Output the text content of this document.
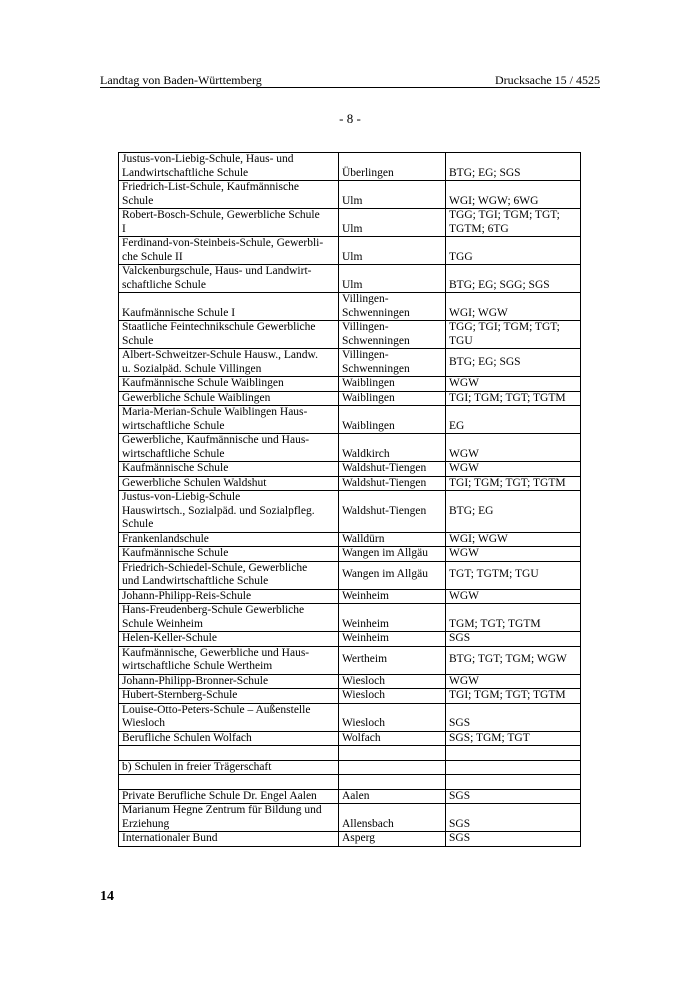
Landtag von Baden-Württemberg	Drucksache 15 / 4525
- 8 -
Justus-von-Liebig-Schule, Haus- und
Landwirtschaftliche Schule	Überlingen	BTG; EG; SGS
Friedrich-List-Schule, Kaufmännische
Schule	Ulm	WGI; WGW; 6WG
Robert-Bosch-Schule, Gewerbliche Schule
I	Ulm	TGG; TGI; TGM; TGT;
TGTM; 6TG
Ferdinand-von-Steinbeis-Schule, Gewerbli-
che Schule II	Ulm	TGG
Valckenburgschule, Haus- und Landwirt-
schaftliche Schule	Ulm	BTG; EG; SGG; SGS
Kaufmännische Schule I	Villingen-
Schwenningen	WGI; WGW
Staatliche Feintechnikschule Gewerbliche
Schule	Villingen-
Schwenningen	TGG; TGI; TGM; TGT;
TGU
Albert-Schweitzer-Schule Hausw., Landw.
u. Sozialpäd. Schule Villingen	Villingen-
Schwenningen	BTG; EG; SGS
Kaufmännische Schule Waiblingen	Waiblingen	WGW
Gewerbliche Schule Waiblingen	Waiblingen	TGI; TGM; TGT; TGTM
Maria-Merian-Schule Waiblingen Haus-
wirtschaftliche Schule	Waiblingen	EG
Gewerbliche, Kaufmännische und Haus-
wirtschaftliche Schule	Waldkirch	WGW
Kaufmännische Schule	Waldshut-Tiengen	WGW
Gewerbliche Schulen Waldshut	Waldshut-Tiengen	TGI; TGM; TGT; TGTM
Justus-von-Liebig-Schule
Hauswirtsch., Sozialpäd. und Sozialpfleg.
Schule	Waldshut-Tiengen	BTG; EG
Frankenlandschule	Walldürn	WGI; WGW
Kaufmännische Schule	Wangen im Allgäu	WGW
Friedrich-Schiedel-Schule, Gewerbliche
und Landwirtschaftliche Schule	Wangen im Allgäu	TGT; TGTM; TGU
Johann-Philipp-Reis-Schule	Weinheim	WGW
Hans-Freudenberg-Schule Gewerbliche
Schule Weinheim	Weinheim	TGM; TGT; TGTM
Helen-Keller-Schule	Weinheim	SGS
Kaufmännische, Gewerbliche und Haus-
wirtschaftliche Schule Wertheim	Wertheim	BTG; TGT; TGM; WGW
Johann-Philipp-Bronner-Schule	Wiesloch	WGW
Hubert-Sternberg-Schule	Wiesloch	TGI; TGM; TGT; TGTM
Louise-Otto-Peters-Schule – Außenstelle
Wiesloch	Wiesloch	SGS
Berufliche Schulen Wolfach	Wolfach	SGS; TGM; TGT

b) Schulen in freier Trägerschaft		

Private Berufliche Schule Dr. Engel Aalen	Aalen	SGS
Marianum Hegne Zentrum für Bildung und
Erziehung	Allensbach	SGS
Internationaler Bund	Asperg	SGS
14
